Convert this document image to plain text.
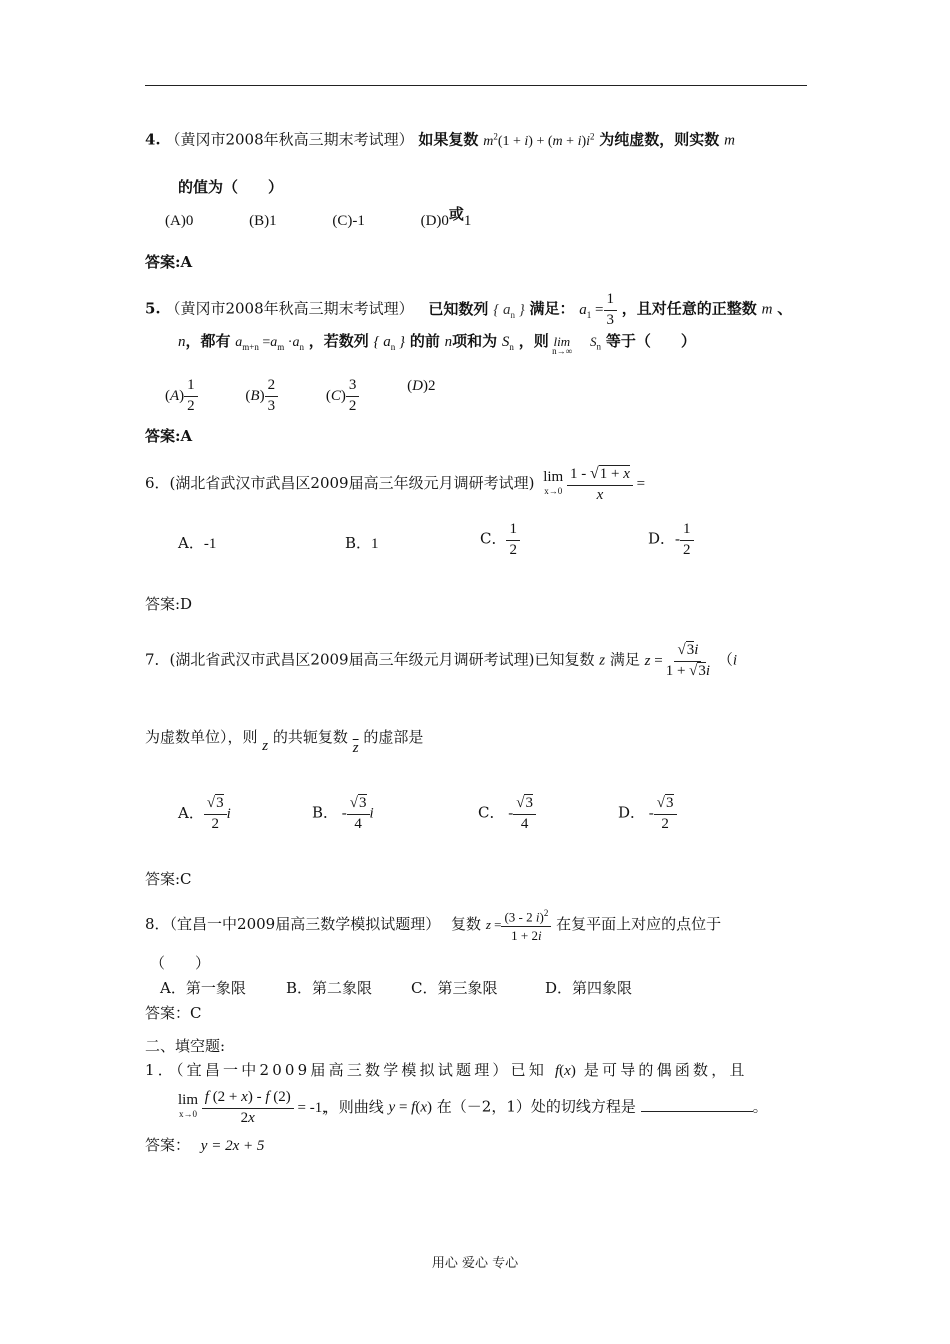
4. （黄冈市2008年秋高三期末考试理） 如果复数 $m^2(1 + i) + (m + i)i^2$ 为纯虚数，则实数 m
的值为（　　）
(A)0	(B)1	(C)-1	(D)0或1
答案:A
5. （黄冈市2008年秋高三期末考试理） 已知数列 { $a_n$ } 满足： $a_1 = \frac{1}{3}$ ，且对任意的正整数 m 、
n，都有 $a_{m+n} =a_m \cdot a_n$ ，若数列 { $a_n$ } 的前 n项和为 $S_n$ ，则 $\lim_{n\to\infty}S_n$ 等于（　　）
$(A) \frac{1}{2}$	$(B) \frac{2}{3}$	$(C) \frac{3}{2}$	(D)2
答案:A
6．(湖北省武汉市武昌区2009届高三年级元月调研考试理) lim
$x\to 0 \frac{1 - √1 + x}{x}$ =
A．-1	B．1	C． $\frac{1}{2}$	D．- $\frac{1}{2}$
答案:D
7．(湖北省武汉市武昌区2009届高三年级元月调研考试理)已知复数 z 满足 $z = \frac{√3i}{1 + √3i} (i$
为虚数单位），则 z 的共轭复数 $\overline{z}$ 的虚部是
A． $\frac{√3}{2}$ i	B． - $\frac{√3}{4}$ i	C． - $\frac{√3}{4}$	D． - $\frac{√3}{2}$
答案:C
8．（宜昌一中2009届高三数学模拟试题理） 复数 $z = \frac{(3 - 2 i)^2}{1 + 2i}$ 在复平面上对应的点位于
（　　）
A．第一象限	B．第二象限	C．第三象限	D．第四象限
答案：C
二、填空题:
1．（宜昌一中2009届高三数学模拟试题理）已知 f(x) 是可导的偶函数，且
lim
$x\to 0 \frac{f (2 + x) - f (2)}{2x} = -1$, ，则曲线 y = f(x) 在（－2，1）处的切线方程是	。
答案： y = 2x + 5
用心 爱心 专心
